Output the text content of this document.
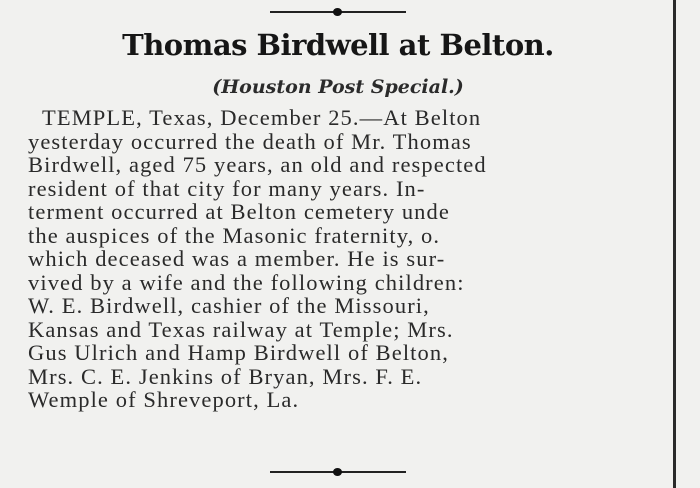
Thomas Birdwell at Belton.
(Houston Post Special.)
TEMPLE, Texas, December 25.—At Belton
yesterday occurred the death of Mr. Thomas
Birdwell, aged 75 years, an old and respected
resident of that city for many years. In-
terment occurred at Belton cemetery unde
the auspices of the Masonic fraternity, o.
which deceased was a member. He is sur-
vived by a wife and the following children:
W. E. Birdwell, cashier of the Missouri,
Kansas and Texas railway at Temple; Mrs.
Gus Ulrich and Hamp Birdwell of Belton,
Mrs. C. E. Jenkins of Bryan, Mrs. F. E.
Wemple of Shreveport, La.
